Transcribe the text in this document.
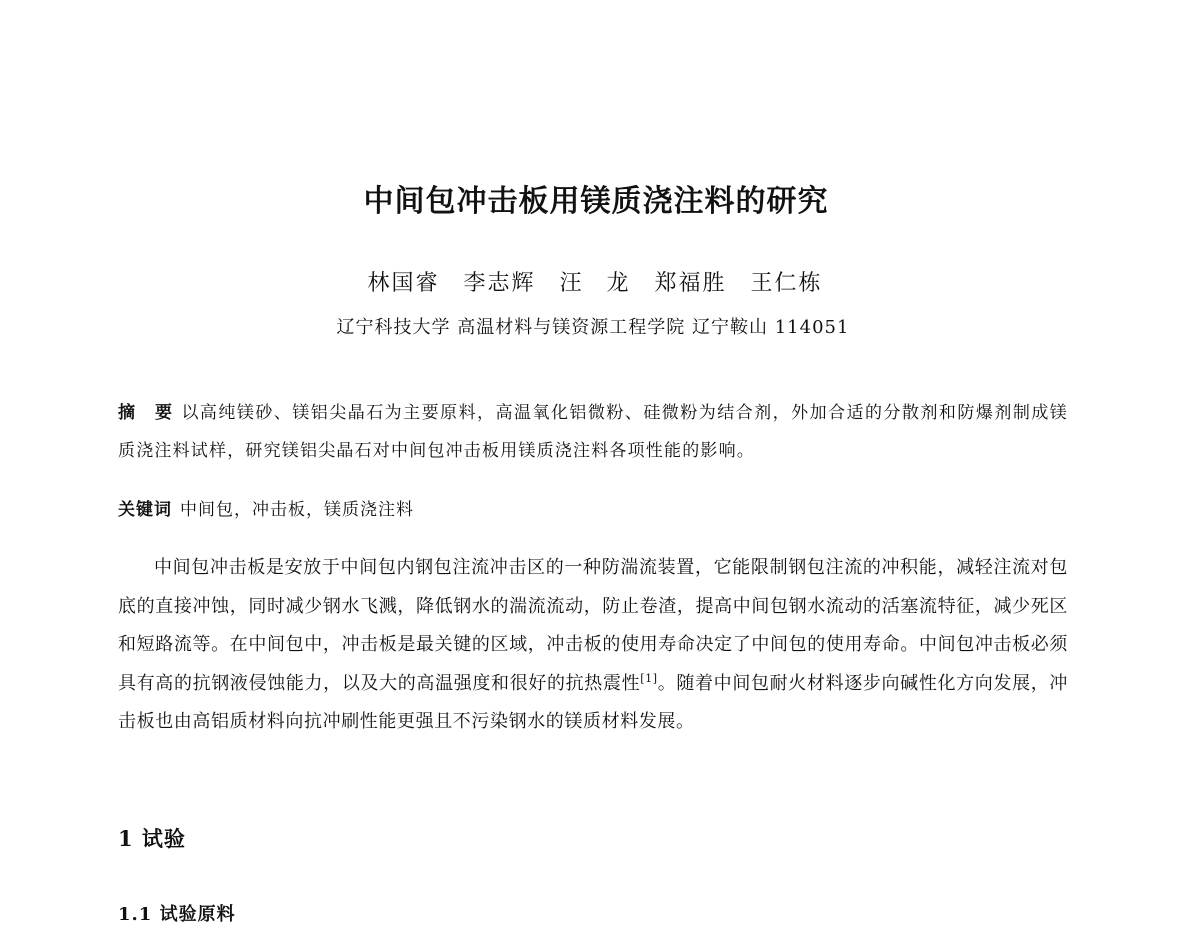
中间包冲击板用镁质浇注料的研究
林国睿　李志辉　汪 龙　郑福胜　王仁栋
辽宁科技大学 高温材料与镁资源工程学院 辽宁鞍山 114051
摘　要 以高纯镁砂、镁铝尖晶石为主要原料，高温氧化铝微粉、硅微粉为结合剂，外加合适的分散剂和防爆剂制成镁质浇注料试样，研究镁铝尖晶石对中间包冲击板用镁质浇注料各项性能的影响。
关键词 中间包，冲击板，镁质浇注料
中间包冲击板是安放于中间包内钢包注流冲击区的一种防湍流装置，它能限制钢包注流的冲积能，减轻注流对包底的直接冲蚀，同时减少钢水飞溅，降低钢水的湍流流动，防止卷渣，提高中间包钢水流动的活塞流特征，减少死区和短路流等。在中间包中，冲击板是最关键的区域，冲击板的使用寿命决定了中间包的使用寿命。中间包冲击板必须具有高的抗钢液侵蚀能力，以及大的高温强度和很好的抗热震性[1]。随着中间包耐火材料逐步向碱性化方向发展，冲击板也由高铝质材料向抗冲刷性能更强且不污染钢水的镁质材料发展。
1 试验
1.1 试验原料
